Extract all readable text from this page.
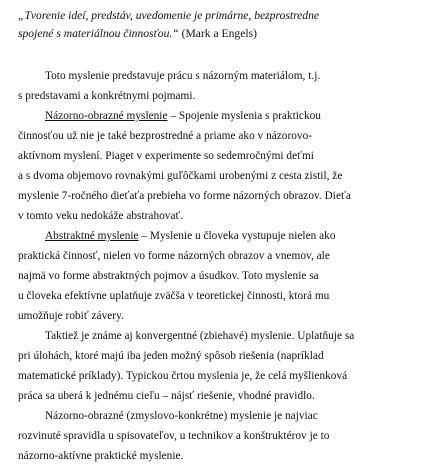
„Tvorenie ideí, predstáv, uvedomenie je primárne, bezprostredne
spojené s materiálnou činnosťou.“ (Mark a Engels)
Toto myslenie predstavuje prácu s názorným materiálom, t.j.
s predstavami a konkrétnymi pojmami.
Názorno-obrazné myslenie – Spojenie myslenia s praktickou
činnosťou už nie je také bezprostredné a priame ako v názorovo-
aktívnom myslení. Piaget v experimente so sedemročnými deťmi
a s dvoma objemovo rovnakými guľôčkami urobenými z cesta zistil, že
myslenie 7-ročného dieťaťa prebieha vo forme názorných obrazov. Dieťa
v tomto veku nedokáže abstrahovať.
Abstraktné myslenie – Myslenie u človeka vystupuje nielen ako
praktická činnosť, nielen vo forme názorných obrazov a vnemov, ale
najmä vo forme abstraktných pojmov a úsudkov. Toto myslenie sa
u človeka efektívne uplatňuje zväčša v teoretickej činnosti, ktorá mu
umožňuje robiť závery.
Taktiež je známe aj konvergentné (zbiehavé) myslenie. Uplatňuje sa
pri úlohách, ktoré majú iba jeden možný spôsob riešenia (napríklad
matematické príklady). Typickou črtou myslenia je, že celá myšlienková
práca sa uberá k jednému cieľu – nájsť riešenie, vhodné pravidlo.
Názorno-obrazné (zmyslovo-konkrétne) myslenie je najviac
rozvinuté spravidla u spisovateľov, u technikov a konštruktérov je to
názorno-aktívne praktické myslenie.
